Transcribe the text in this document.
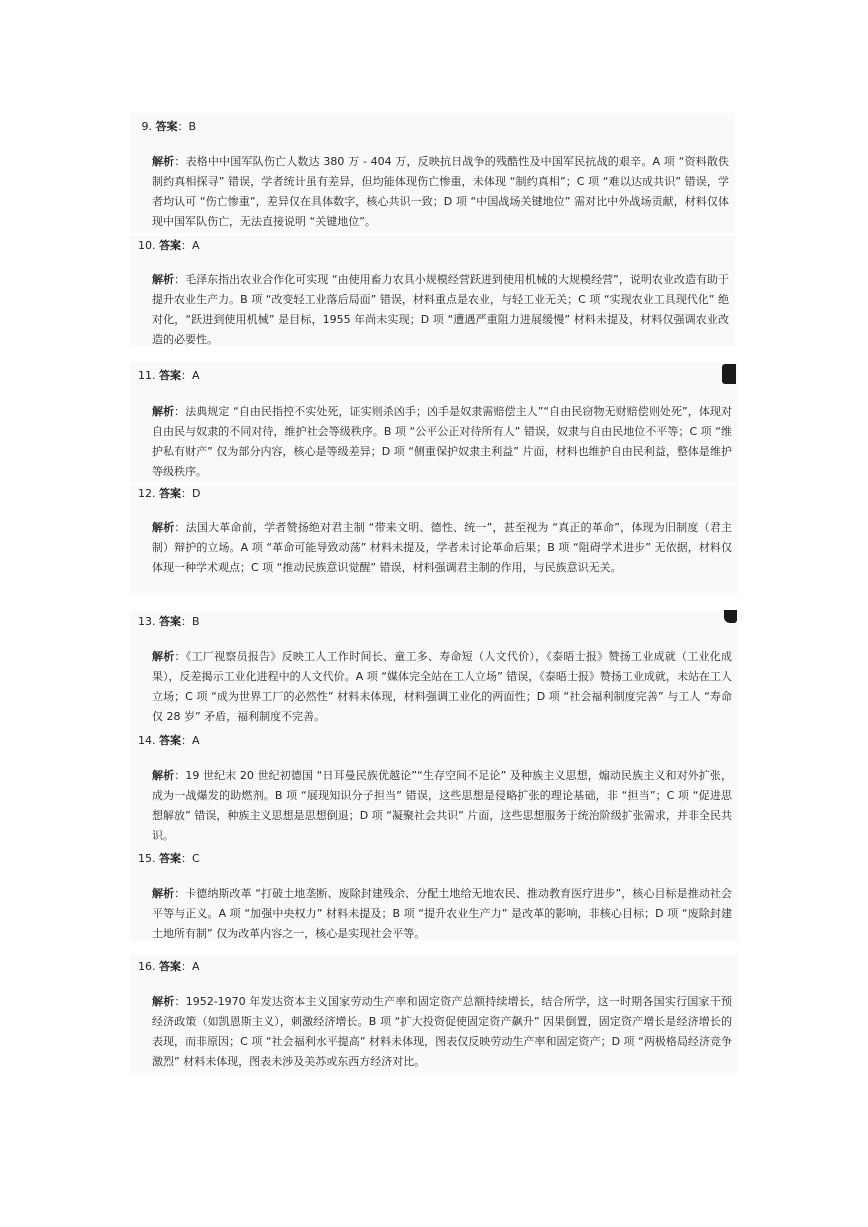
9. 答案：B
解析：表格中中国军队伤亡人数达 380 万 - 404 万，反映抗日战争的残酷性及中国军民抗战的艰辛。A 项 “资料散佚制约真相探寻” 错误，学者统计虽有差异，但均能体现伤亡惨重，未体现 “制约真相”；C 项 “难以达成共识” 错误，学者均认可 “伤亡惨重”，差异仅在具体数字，核心共识一致；D 项 “中国战场关键地位” 需对比中外战场贡献，材料仅体现中国军队伤亡，无法直接说明 “关键地位”。
10. 答案：A
解析：毛泽东指出农业合作化可实现 “由使用畜力农具小规模经营跃进到使用机械的大规模经营”，说明农业改造有助于提升农业生产力。B 项 “改变轻工业落后局面” 错误，材料重点是农业，与轻工业无关；C 项 “实现农业工具现代化” 绝对化，“跃进到使用机械” 是目标，1955 年尚未实现；D 项 “遭遇严重阻力进展缓慢” 材料未提及，材料仅强调农业改造的必要性。
11. 答案：A
解析：法典规定 “自由民指控不实处死，证实则杀凶手；凶手是奴隶需赔偿主人”“自由民窃物无财赔偿则处死”，体现对自由民与奴隶的不同对待，维护社会等级秩序。B 项 “公平公正对待所有人” 错误，奴隶与自由民地位不平等；C 项 “维护私有财产” 仅为部分内容，核心是等级差异；D 项 “侧重保护奴隶主利益” 片面，材料也维护自由民利益，整体是维护等级秩序。
12. 答案：D
解析：法国大革命前，学者赞扬绝对君主制 “带来文明、德性、统一”，甚至视为 “真正的革命”，体现为旧制度（君主制）辩护的立场。A 项 “革命可能导致动荡” 材料未提及，学者未讨论革命后果；B 项 “阻碍学术进步” 无依据，材料仅体现一种学术观点；C 项 “推动民族意识觉醒” 错误，材料强调君主制的作用，与民族意识无关。
13. 答案：B
解析：《工厂视察员报告》反映工人工作时间长、童工多、寿命短（人文代价），《泰晤士报》赞扬工业成就（工业化成果），反差揭示工业化进程中的人文代价。A 项 “媒体完全站在工人立场” 错误，《泰晤士报》赞扬工业成就，未站在工人立场；C 项 “成为世界工厂的必然性” 材料未体现，材料强调工业化的两面性；D 项 “社会福利制度完善” 与工人 “寿命仅 28 岁” 矛盾，福利制度不完善。
14. 答案：A
解析：19 世纪末 20 世纪初德国 “日耳曼民族优越论”“生存空间不足论” 及种族主义思想，煽动民族主义和对外扩张，成为一战爆发的助燃剂。B 项 “展现知识分子担当” 错误，这些思想是侵略扩张的理论基础，非 “担当”；C 项 “促进思想解放” 错误，种族主义思想是思想倒退；D 项 “凝聚社会共识” 片面，这些思想服务于统治阶级扩张需求，并非全民共识。
15. 答案：C
解析：卡德纳斯改革 “打破土地垄断、废除封建残余、分配土地给无地农民、推动教育医疗进步”，核心目标是推动社会平等与正义。A 项 “加强中央权力” 材料未提及；B 项 “提升农业生产力” 是改革的影响，非核心目标；D 项 “废除封建土地所有制” 仅为改革内容之一，核心是实现社会平等。
16. 答案：A
解析：1952-1970 年发达资本主义国家劳动生产率和固定资产总额持续增长，结合所学，这一时期各国实行国家干预经济政策（如凯恩斯主义），刺激经济增长。B 项 “扩大投资促使固定资产飙升” 因果倒置，固定资产增长是经济增长的表现，而非原因；C 项 “社会福利水平提高” 材料未体现，图表仅反映劳动生产率和固定资产；D 项 “两极格局经济竞争激烈” 材料未体现，图表未涉及美苏或东西方经济对比。
